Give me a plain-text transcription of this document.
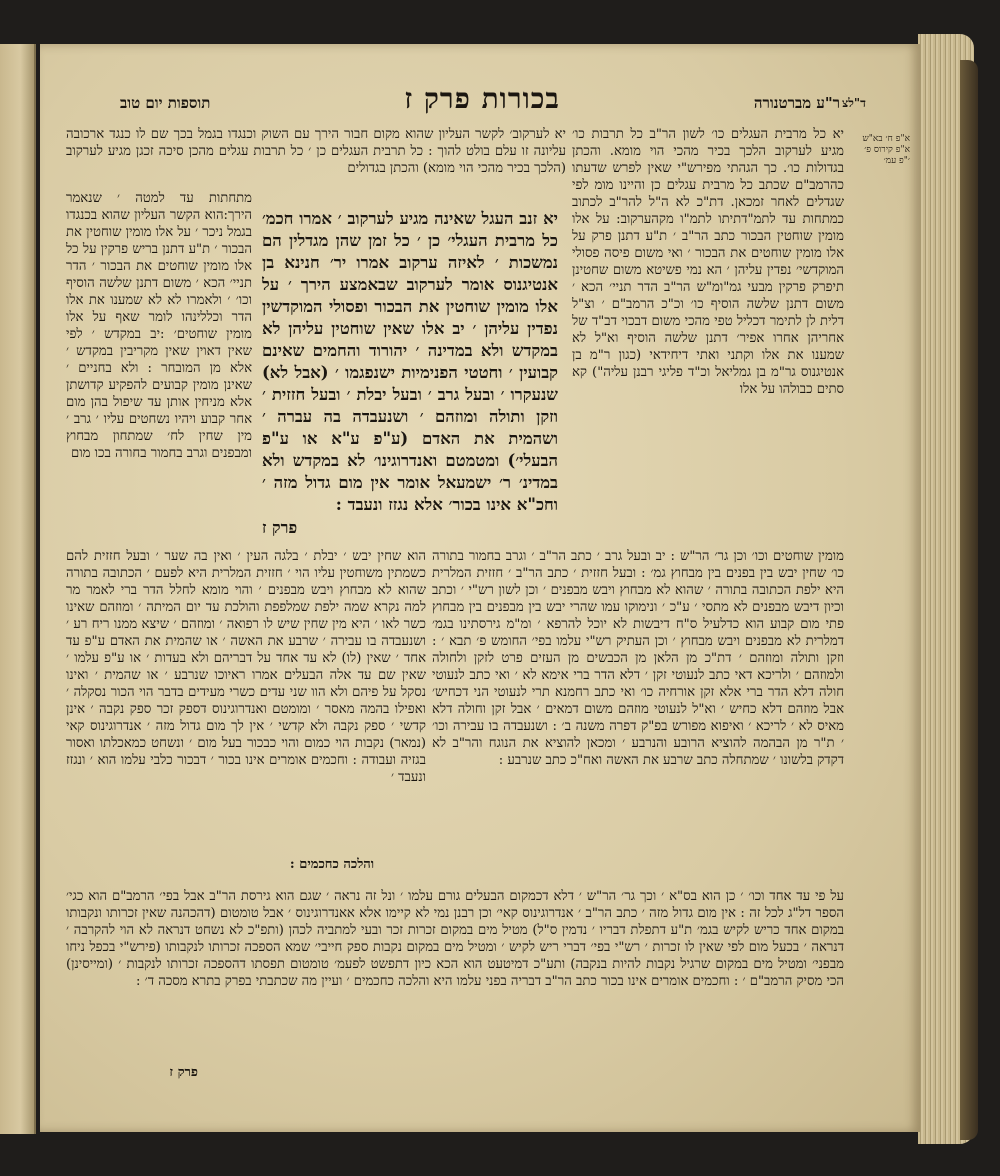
תוספות יום טוב	בכורות פרק ז	ר"ע מברטנורה ד"לצ
א"פ ח׳ בא"ש א"פ קירוס פ׳ ׳"פ עמ׳
יא כל מרבית העגלים כו׳ לשון הר"ב כל תרבות כו׳ מגיע לערקוב הלכך בכיר מהכי הוי מומא. והכתן בגדולות כו׳. כך הגהתי מפירש"י שאין לפרש שדעתו כהרמב"ם שכתב כל מרבית עגלים כן והיינו מומ לפי שגדלים לאחר זמכאן. דת"כ לא ה"ל להר"ב לכתוב כמתחות עד לתמ"דתיתו לתמ"ו מקהערקוב: על אלו מומין שוחטין הבכור כתב הר"ב ׳ ת"ע דתנן פרק על אלו מומין שוחטים את הבכור ׳ ואי משום פיסה פסולי המוקדשי׳ נפדין עליהן ׳ הא נמי פשיטא משום שחטינן תיפרק פרקין מבעי גמ"ומ"ש הר"ב הדר תניי׳ הכא ׳ משום דתנן שלשה הוסיף כו׳ וכ"כ הרמב"ם ׳ וצ"ל דלית לן לתימר דכליל טפי מהכי משום דבכוי דב"ד של אחריהן אחרו אפיר׳ דתנן שלשה הוסיף וא"ל לא שמענו את אלו וקתני ואתי דיחידאי (כגון ר"מ בן אנטיגנוס גר"מ בן גמליאל וכ"ד פליגי רבנן עליה") קא סתים כבולהו על אלו
יא לערקוב׳ לקשר העליון שהוא מקום חבור הירך עם השוק וכנגדו בגמל בכך שם לו כנגד ארכובה עליונה זו עלם בולט להוך : כל תרבית העגלים כן ׳ כל תרבות עגלים מהכן סיכה זכגן מגיע לערקוב (הלכך בכיר מהכי הוי מומא) והכתן בגדולים
מתחתות עד למטה ׳ שנאמר הירך:הוא הקשר העליון שהוא בכנגדו בגמל ניכר ׳ על אלו מומין שוחטין את הבכור ׳ ת"ע דתנן בריש פרקין על כל אלו מומין שוחטים את הבכור ׳ הדר תניי׳ הכא ׳ משום דתנן שלשה הוסיף וכו׳ ׳ ולאמרו לא לא שמענו את אלו הדר וכללינהו לומר שאף על אלו מומין שוחטים׳ :יב במקדש ׳ לפי שאין דאוין שאין מקריבין במקדש ׳ אלא מן המובחר : ולא בחניים ׳ שאינן מומין קבועים להפקיע קדושתן אלא מניחין אותן עד שיפול בהן מום אחר קבוע ויהיו נשחטים עליו ׳ גרב ׳ מין שחין לח׳ שמתחון מבחוץ ומבפנים וגרב בחמור בחורה בכו מום
יא זנב העגל שאינה מגיע לערקוב ׳ אמרו חכמ׳ כל מרבית העגלי׳ כן ׳ כל זמן שהן מגדלין הם נמשכות ׳ לאיזה ערקוב אמרו יר׳ חנינא בן אנטיגנוס אומר לערקוב שבאמצע הירך ׳ על אלו מומין שוחטין את הבכור ופסולי המוקדשין נפדין עליהן ׳ יב אלו שאין שוחטין עליהן לא במקדש ולא במדינה ׳ יהורוד והחמים שאינם קבועין ׳ וחטטי הפנימיות ישנפגמו ׳ (אבל לא) שנעקרו ׳ ובעל גרב ׳ ובעל יבלת ׳ ובעל חזזית ׳ וזקן ותולה ומוזהם ׳ ושנעבדה בה עברה ׳ ושהמית את האדם (ע"פ ע"א או ע"פ הבעלי׳) ומטמטם ואנדרוגינו׳ לא במקדש ולא במדינ׳ ר׳ ישמעאל אומר אין מום גדול מזה ׳ וחכ"א אינו בכור׳ אלא נגזז ונעבד :
פרק ז
הוא שחין יבש ׳ יבלת ׳ בלגה העין ׳ ואין בה שער ׳ ובעל חזזית להם כשמתין משוחטין עליו הוי ׳ חזזית המלרית היא לפעם ׳ הכתובה בתורה שהוא לא מבחוץ ויבש מבפנים ׳ והוי מומא לחלל הדר ברי לאמר מר למה נקרא שמה ילפת שמלפפת והולכת עד יום המיתה ׳ ומוזהם שאינו כשר לאו ׳ היא מין שחין שיש לו רפואה ׳ ומוזהם ׳ שיצא ממנו ריח רע ׳ ושנעבדה בו עבירה ׳ שרבע את האשה ׳ או שהמית את האדם ע"פ עד אחד ׳ שאין (לו) לא עד אחד על דבריהם ולא בעדות ׳ או ע"פ עלמו ׳ שאין שם עד אלה הבעלים אמרו ראיוכו שנרבע ׳ או שהמית ׳ ואינו נסקל על פיהם ולא הוו שני עדים כשרי מעידים בדבר הוי הכור נסקלה ׳ ואפילו בהמה מאסר ׳ ומומטם ואנדרוגינוס דספק זכר ספק נקבה ׳ אינן קדשי ׳ ספק נקבה ולא קדשי ׳ אין לך מום גדול מזה ׳ אנדרוגינוס קאי (נמאר) נקבות הוי כמום והוי כבכור בעל מום ׳ ונשחט כמאכלתו ואסור בגזיה ועבודה : וחכמים אומרים אינו בכור ׳ דבכור כלבי עלמו הוא ׳ ונגזז ונעבד ׳
והלכה כחכמים :
מומין שוחטים וכו׳ וכן גר׳ הר"ש : יב ובעל גרב ׳ כתב הר"ב ׳ וגרב בחמור בתורה כו׳ שחין יבש בין בפנים בין מבחוץ גמ׳ : ובעל חזזית ׳ כתב הר"ב ׳ חזזית המלרית היא ילפת הכתובה בתורה ׳ שהוא לא מבחוץ ויבש מבפנים ׳ וכן לשון רש"י ׳ וכתב וכיון דיבש מבפנים לא מתסי ׳ ע"כ ׳ ונימוקו עמו שהרי יבש בין מבפנים בין מבחוץ פתי מום קבוע הוא כדלעיל ס"ח דיבשות לא יוכל להרפא ׳ ומ"מ גירסתינו בגמ׳ דמלרית לא מבפנים ויבש מבחוץ ׳ וכן העתיק רש"י עלמו בפי׳ החומש פ׳ תבא ׳ : וזקן ותולה ומוזהם ׳ דת"כ מן הלאן מן הכבשים מן העזים פרט לזקן ולחולה ולמוזהם ׳ ולריכא דאי כתב לנעוטי זקן ׳ דלא הדר ברי אימא לא ׳ ואי כתב לנעוטי חולה דלא הדר ברי אלא זקן אורחיה כו׳ ואי כתב רחמנא תרי לנעוטי הני דכחיש׳ אבל מוזהם דלא כחיש ׳ וא"ל לנעוטי מוזהם משום דמאים ׳ אבל זקן וחולה דלא מאיס לא ׳ לריכא ׳ ואיפוא מפורש בפ"ק דפרה משנה ב׳ : ושנעבדה בו עבירה וכו׳ ׳ ת"ר מן הבהמה להוציא הרובע והנרבע ׳ ומכאן להוציא את הנוגח והר"ב לא דקדק בלשונו ׳ שמתחלה כתב שרבע את האשה ואח"כ כתב שנרבע :
על פי עד אחד וכו׳ ׳ כן הוא בס"א ׳ וכך גר׳ הר"ש ׳ דלא דכמקום הבעלים גורם עלמו ׳ ונל זה נראה ׳ שגם הוא גירסת הר"ב אבל בפי׳ הרמב"ם הוא כגי׳ הספר דל"ג לכל זה : אין מום גדול מזה ׳ כתב הר"ב ׳ אנדרוגינוס קאי׳ וכן רבנן נמי לא קיימו אלא אאנדרוגינוס ׳ אבל טומטום (דהכהנה שאין זכרותו ונקבותו במקום אחד כריש לקיש בגמ׳ ת"ע דתפלת דבריו ׳ נדמין ס"ל) מטיל מים במקום זכרות זכר ובעי למתביה לכהן (ותפ"כ לא נשחט דנראה לא הוי להקרבה ׳ דנראה ׳ בכעל מום לפי שאין לו זכרות ׳ רש"י בפי׳ דברי ריש לקיש ׳ ומטיל מים במקום נקבות ספק חייבי׳ שמא הספכה זכרותו לנקבותו (פירש"י בכפל ניחו מבפני׳ ומטיל מים במקום שרגיל נקבות להיות בנקבה) ותע"כ דמיטעט הוא הכא כיון דתפשט לפעמ׳ טומטום תפסתו דהספכה זכרותו לנקבות ׳ (ומייסינן) הכי מסיק הרמב"ם ׳ : וחכמים אומרים אינו בכור כתב הר"ב דבריה בפני עלמו היא והלכה כחכמים ׳ ועיין מה שכתבתי בפרק בתרא מסכה ד׳ :
פרק ז
